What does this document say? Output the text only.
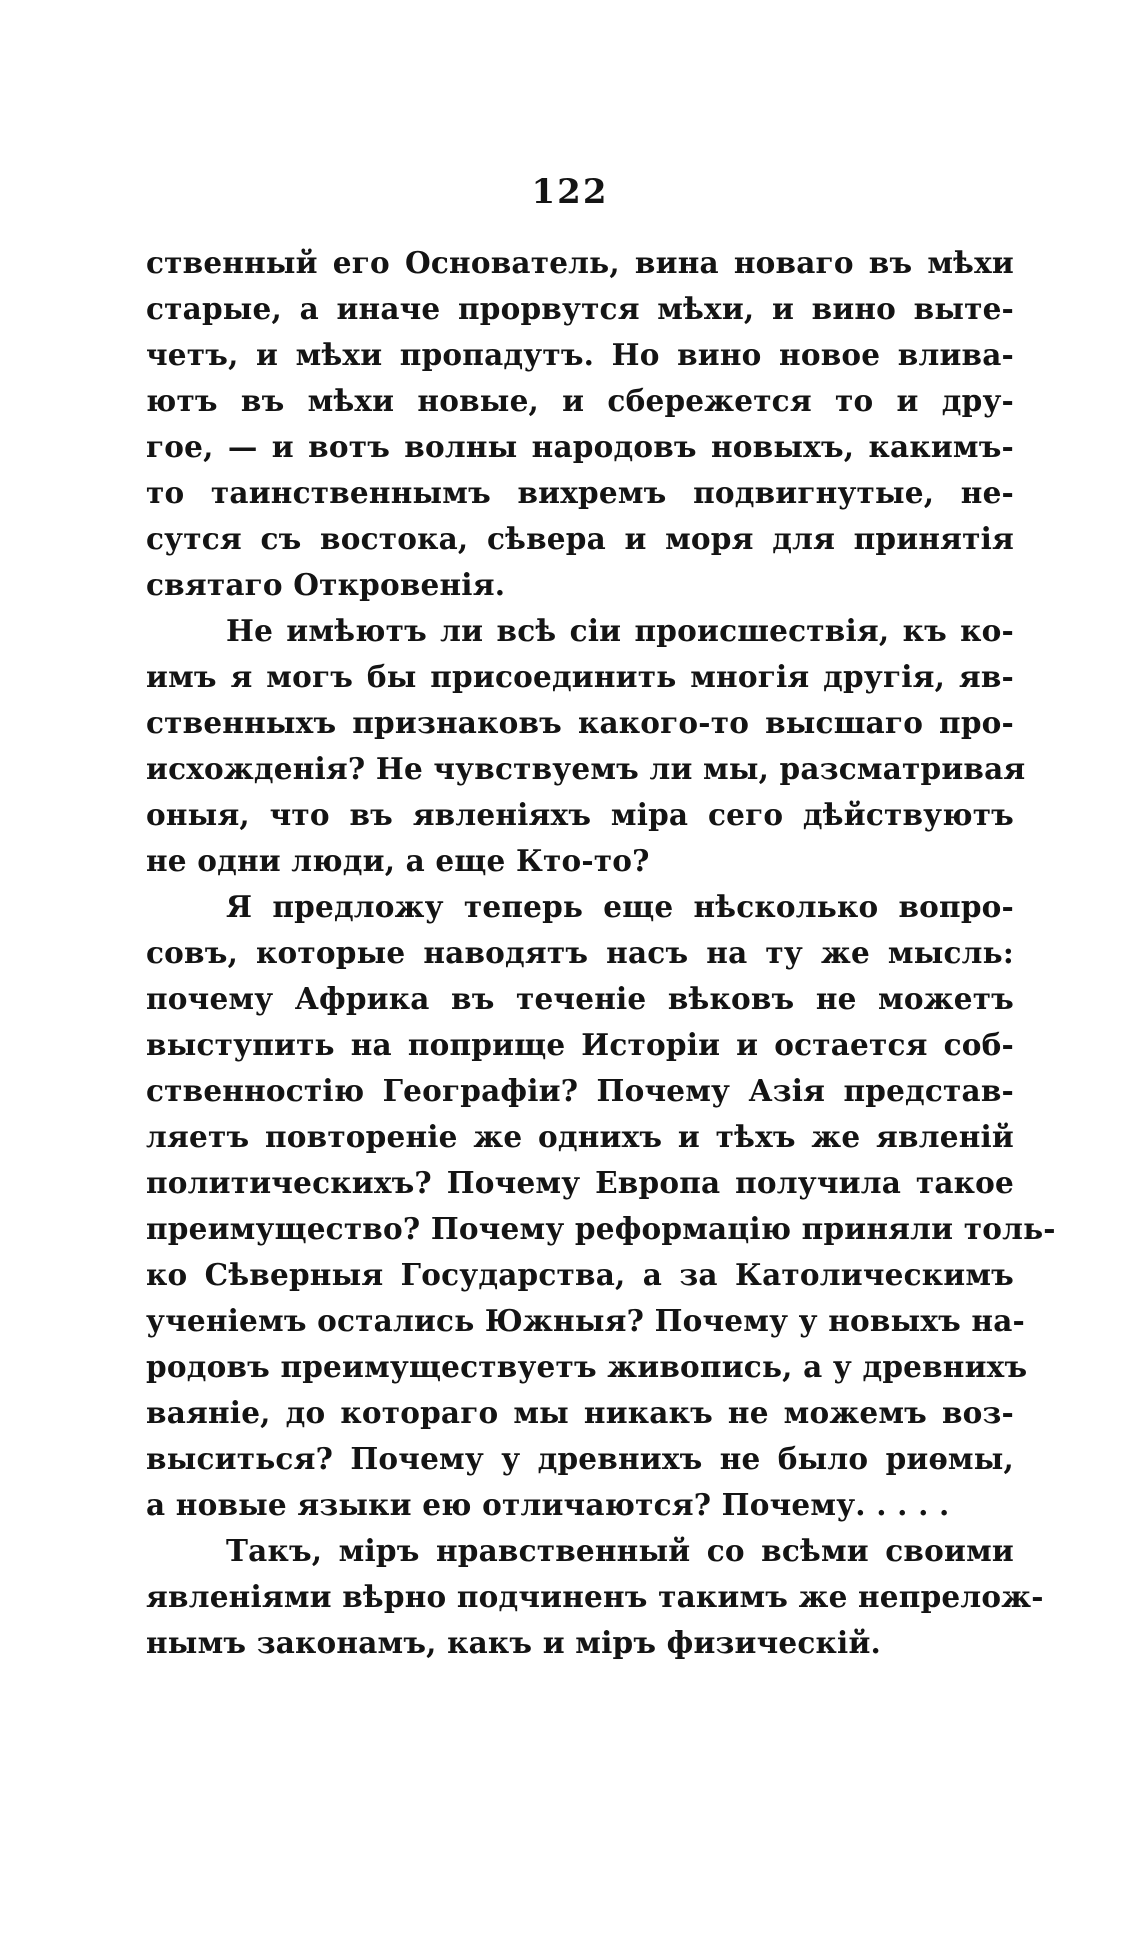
122
ственный его Основатель, вина новаго въ мѣхи
старые, а иначе прорвутся мѣхи, и вино выте-
четъ, и мѣхи пропадутъ. Но вино новое влива-
ютъ въ мѣхи новые, и сбережется то и дру-
гое, — и вотъ волны народовъ новыхъ, какимъ-
то таинственнымъ вихремъ подвигнутые, не-
сутся съ востока, сѣвера и моря для принятія
святаго Откровенія.
Не имѣютъ ли всѣ сіи происшествія, къ ко-
имъ я могъ бы присоединить многія другія, яв-
ственныхъ признаковъ какого-то высшаго про-
исхожденія? Не чувствуемъ ли мы, разсматривая
оныя, что въ явленіяхъ міра сего дѣйствуютъ
не одни люди, а еще Кто-то?
Я предложу теперь еще нѣсколько вопро-
совъ, которые наводятъ насъ на ту же мысль:
почему Африка въ теченіе вѣковъ не можетъ
выступить на поприще Исторіи и остается соб-
ственностію Географіи? Почему Азія представ-
ляетъ повтореніе же однихъ и тѣхъ же явленій
политическихъ? Почему Европа получила такое
преимущество? Почему реформацію приняли толь-
ко Сѣверныя Государства, а за Католическимъ
ученіемъ остались Южныя? Почему у новыхъ на-
родовъ преимуществуетъ живопись, а у древнихъ
ваяніе, до котораго мы никакъ не можемъ воз-
выситься? Почему у древнихъ не было риѳмы,
а новые языки ею отличаются? Почему. . . . .
Такъ, міръ нравственный со всѣми своими
явленіями вѣрно подчиненъ такимъ же непрелож-
нымъ законамъ, какъ и міръ физическій.
